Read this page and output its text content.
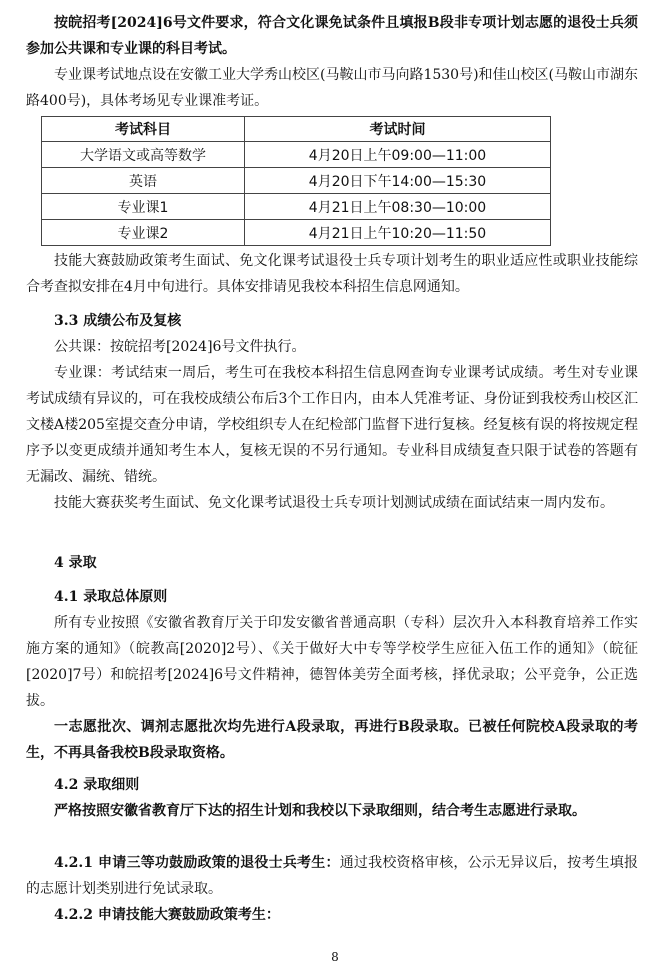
按皖招考[2024]6号文件要求，符合文化课免试条件且填报B段非专项计划志愿的退役士兵须参加公共课和专业课的科目考试。

专业课考试地点设在安徽工业大学秀山校区(马鞍山市马向路1530号)和佳山校区(马鞍山市湖东路400号)，具体考场见专业课准考证。

考试科目	考试时间
大学语文或高等数学	4月20日上午09:00—11:00
英语	4月20日下午14:00—15:30
专业课1	4月21日上午08:30—10:00
专业课2	4月21日上午10:20—11:50

技能大赛鼓励政策考生面试、免文化课考试退役士兵专项计划考生的职业适应性或职业技能综合考查拟安排在4月中旬进行。具体安排请见我校本科招生信息网通知。

3.3 成绩公布及复核

公共课：按皖招考[2024]6号文件执行。

专业课：考试结束一周后，考生可在我校本科招生信息网查询专业课考试成绩。考生对专业课考试成绩有异议的，可在我校成绩公布后3个工作日内，由本人凭准考证、身份证到我校秀山校区汇文楼A楼205室提交查分申请，学校组织专人在纪检部门监督下进行复核。经复核有误的将按规定程序予以变更成绩并通知考生本人，复核无误的不另行通知。专业科目成绩复查只限于试卷的答题有无漏改、漏统、错统。

技能大赛获奖考生面试、免文化课考试退役士兵专项计划测试成绩在面试结束一周内发布。

4 录取

4.1 录取总体原则

所有专业按照《安徽省教育厅关于印发安徽省普通高职（专科）层次升入本科教育培养工作实施方案的通知》（皖教高[2020]2号）、《关于做好大中专等学校学生应征入伍工作的通知》（皖征[2020]7号）和皖招考[2024]6号文件精神，德智体美劳全面考核，择优录取；公平竞争，公正选拔。

一志愿批次、调剂志愿批次均先进行A段录取，再进行B段录取。已被任何院校A段录取的考生，不再具备我校B段录取资格。

4.2 录取细则

严格按照安徽省教育厅下达的招生计划和我校以下录取细则，结合考生志愿进行录取。

4.2.1 申请三等功鼓励政策的退役士兵考生：通过我校资格审核，公示无异议后，按考生填报的志愿计划类别进行免试录取。

4.2.2 申请技能大赛鼓励政策考生：

8
